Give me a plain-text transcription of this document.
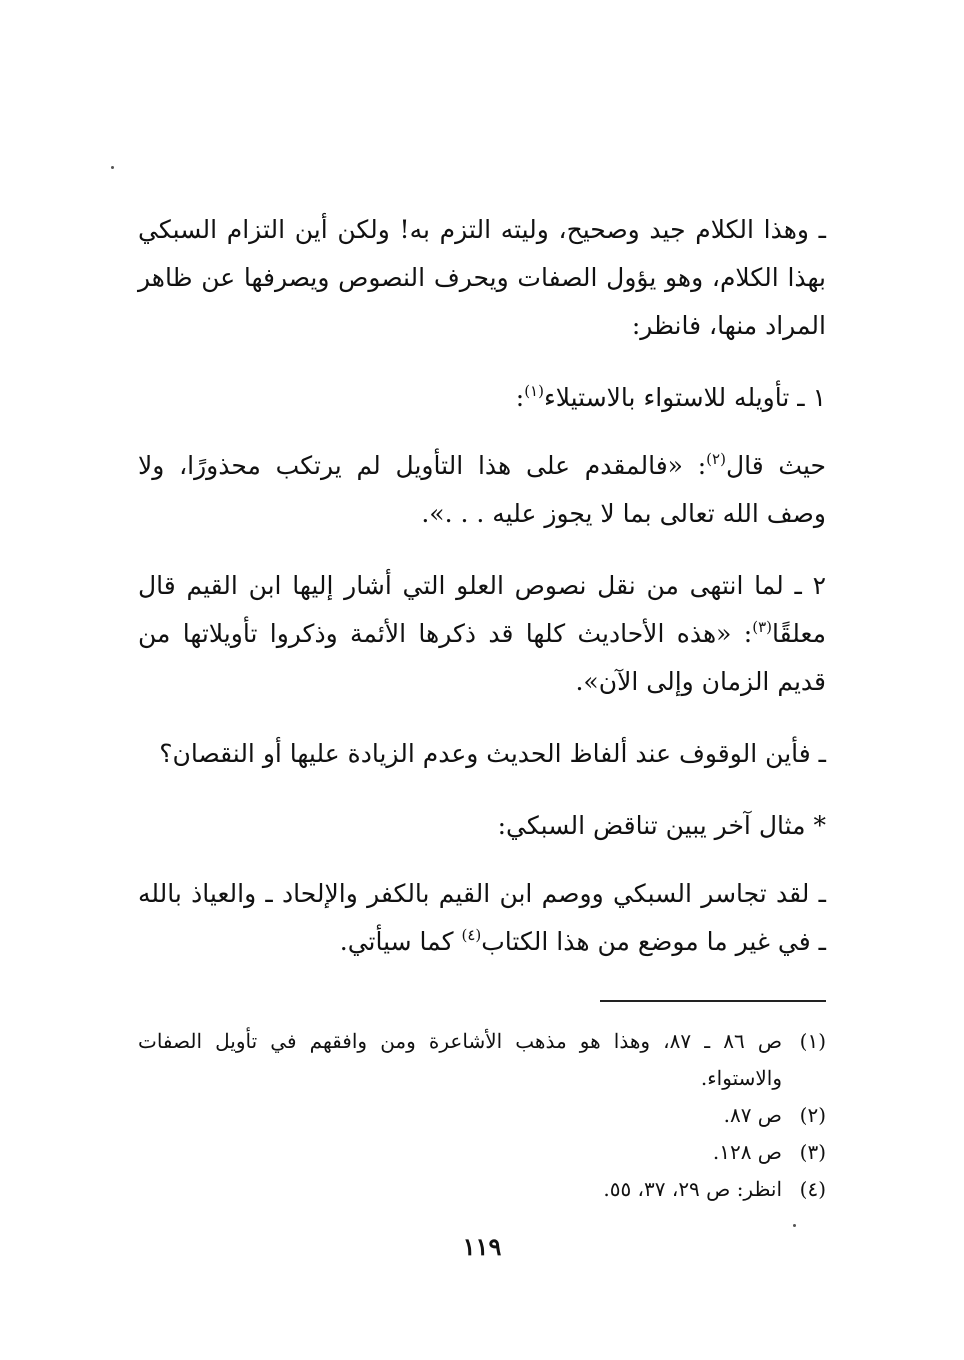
ـ وهذا الكلام جيد وصحيح، وليته التزم به! ولكن أين التزام السبكي بهذا الكلام، وهو يؤول الصفات ويحرف النصوص ويصرفها عن ظاهر المراد منها، فانظر:

١ ـ تأويله للاستواء بالاستيلاء$^{(١)}$:

حيث قال$^{(٢)}$: «فالمقدم على هذا التأويل لم يرتكب محذورًا، ولا وصف الله تعالى بما لا يجوز عليه . . .».

٢ ـ لما انتهى من نقل نصوص العلو التي أشار إليها ابن القيم قال معلقًا$^{(٣)}$: «هذه الأحاديث كلها قد ذكرها الأئمة وذكروا تأويلاتها من قديم الزمان وإلى الآن».

ـ فأين الوقوف عند ألفاظ الحديث وعدم الزيادة عليها أو النقصان؟

* مثال آخر يبين تناقض السبكي:

ـ لقد تجاسر السبكي ووصم ابن القيم بالكفر والإلحاد ـ والعياذ بالله ـ في غير ما موضع من هذا الكتاب$^{(٤)}$ كما سيأتي.

(١)
ص ٨٦ ـ ٨٧، وهذا هو مذهب الأشاعرة ومن وافقهم في تأويل الصفات والاستواء.
(٢)
ص ٨٧.
(٣)
ص ١٢٨.
(٤)
انظر: ص ٢٩، ٣٧، ٥٥.
١١٩
